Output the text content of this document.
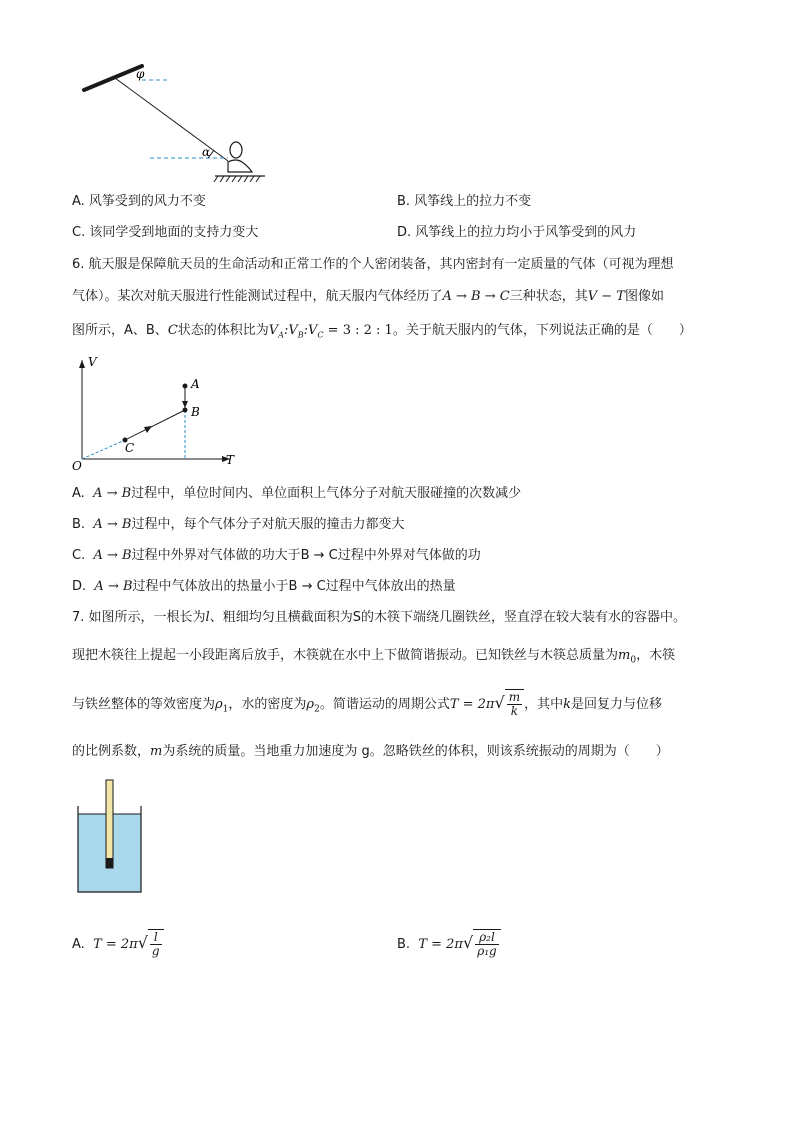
φ
α
A. 风筝受到的风力不变	B. 风筝线上的拉力不变
C. 该同学受到地面的支持力变大	D. 风筝线上的拉力均小于风筝受到的风力
6. 航天服是保障航天员的生命活动和正常工作的个人密闭装备，其内密封有一定质量的气体（可视为理想
气体）。某次对航天服进行性能测试过程中，航天服内气体经历了A → B → C三种状态，其V − T图像如
图所示，A、B、C状态的体积比为$V_A:V_B:V_C = 3$ : 2 : 1。关于航天服内的气体，下列说法正确的是（　　）
V
T
O
A
B
C
A. A → B过程中，单位时间内、单位面积上气体分子对航天服碰撞的次数减少
B. A → B过程中，每个气体分子对航天服的撞击力都变大
C. A → B过程中外界对气体做的功大于B → C过程中外界对气体做的功
D. A → B过程中气体放出的热量小于B → C过程中气体放出的热量
7. 如图所示，一根长为l、粗细均匀且横截面积为S的木筷下端绕几圈铁丝，竖直浮在较大装有水的容器中。
现把木筷往上提起一小段距离后放手，木筷就在水中上下做简谐振动。已知铁丝与木筷总质量为$m_0$，木筷
与铁丝整体的等效密度为$\rho_1$，水的密度为$\rho_2$。简谐运动的周期公式$T = 2\pi√ \frac{m}{k}$ ，其中k是回复力与位移
的比例系数，m为系统的质量。当地重力加速度为 g。忽略铁丝的体积，则该系统振动的周期为（　　）
A. $T = 2\pi√ \frac{l}{g}$	B. $T = 2\pi√ \frac{\text{ρ₂l}}{\text{ρ₁g}}$
